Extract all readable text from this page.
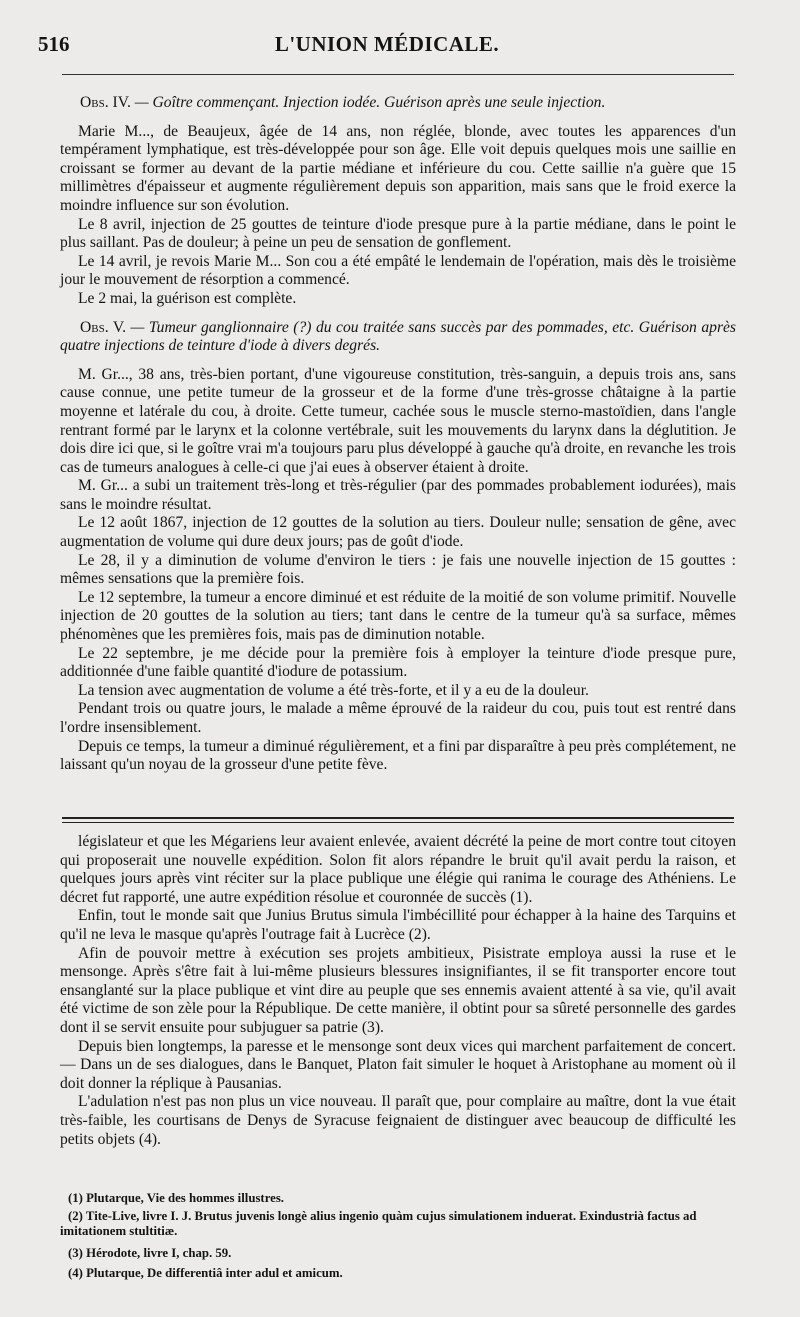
516	L'UNION MÉDICALE.

Obs. IV. — Goître commençant. Injection iodée. Guérison après une seule injection.

Marie M..., de Beaujeux, âgée de 14 ans, non réglée, blonde, avec toutes les apparences d'un tempérament lymphatique, est très-développée pour son âge. Elle voit depuis quelques mois une saillie en croissant se former au devant de la partie médiane et inférieure du cou. Cette saillie n'a guère que 15 millimètres d'épaisseur et augmente régulièrement depuis son apparition, mais sans que le froid exerce la moindre influence sur son évolution.

Le 8 avril, injection de 25 gouttes de teinture d'iode presque pure à la partie médiane, dans le point le plus saillant. Pas de douleur; à peine un peu de sensation de gonflement.

Le 14 avril, je revois Marie M... Son cou a été empâté le lendemain de l'opération, mais dès le troisième jour le mouvement de résorption a commencé.

Le 2 mai, la guérison est complète.

Obs. V. — Tumeur ganglionnaire (?) du cou traitée sans succès par des pommades, etc. Guérison après quatre injections de teinture d'iode à divers degrés.

M. Gr..., 38 ans, très-bien portant, d'une vigoureuse constitution, très-sanguin, a depuis trois ans, sans cause connue, une petite tumeur de la grosseur et de la forme d'une très-grosse châtaigne à la partie moyenne et latérale du cou, à droite. Cette tumeur, cachée sous le muscle sterno-mastoïdien, dans l'angle rentrant formé par le larynx et la colonne vertébrale, suit les mouvements du larynx dans la déglutition. Je dois dire ici que, si le goître vrai m'a toujours paru plus développé à gauche qu'à droite, en revanche les trois cas de tumeurs analogues à celle-ci que j'ai eues à observer étaient à droite.

M. Gr... a subi un traitement très-long et très-régulier (par des pommades probablement iodurées), mais sans le moindre résultat.

Le 12 août 1867, injection de 12 gouttes de la solution au tiers. Douleur nulle; sensation de gêne, avec augmentation de volume qui dure deux jours; pas de goût d'iode.

Le 28, il y a diminution de volume d'environ le tiers : je fais une nouvelle injection de 15 gouttes : mêmes sensations que la première fois.

Le 12 septembre, la tumeur a encore diminué et est réduite de la moitié de son volume primitif. Nouvelle injection de 20 gouttes de la solution au tiers; tant dans le centre de la tumeur qu'à sa surface, mêmes phénomènes que les premières fois, mais pas de diminution notable.

Le 22 septembre, je me décide pour la première fois à employer la teinture d'iode presque pure, additionnée d'une faible quantité d'iodure de potassium.

La tension avec augmentation de volume a été très-forte, et il y a eu de la douleur.

Pendant trois ou quatre jours, le malade a même éprouvé de la raideur du cou, puis tout est rentré dans l'ordre insensiblement.

Depuis ce temps, la tumeur a diminué régulièrement, et a fini par disparaître à peu près complétement, ne laissant qu'un noyau de la grosseur d'une petite fève.

législateur et que les Mégariens leur avaient enlevée, avaient décrété la peine de mort contre tout citoyen qui proposerait une nouvelle expédition. Solon fit alors répandre le bruit qu'il avait perdu la raison, et quelques jours après vint réciter sur la place publique une élégie qui ranima le courage des Athéniens. Le décret fut rapporté, une autre expédition résolue et couronnée de succès (1).

Enfin, tout le monde sait que Junius Brutus simula l'imbécillité pour échapper à la haine des Tarquins et qu'il ne leva le masque qu'après l'outrage fait à Lucrèce (2).

Afin de pouvoir mettre à exécution ses projets ambitieux, Pisistrate employa aussi la ruse et le mensonge. Après s'être fait à lui-même plusieurs blessures insignifiantes, il se fit transporter encore tout ensanglanté sur la place publique et vint dire au peuple que ses ennemis avaient attenté à sa vie, qu'il avait été victime de son zèle pour la République. De cette manière, il obtint pour sa sûreté personnelle des gardes dont il se servit ensuite pour subjuguer sa patrie (3).

Depuis bien longtemps, la paresse et le mensonge sont deux vices qui marchent parfaitement de concert. — Dans un de ses dialogues, dans le Banquet, Platon fait simuler le hoquet à Aristophane au moment où il doit donner la réplique à Pausanias.

L'adulation n'est pas non plus un vice nouveau. Il paraît que, pour complaire au maître, dont la vue était très-faible, les courtisans de Denys de Syracuse feignaient de distinguer avec beaucoup de difficulté les petits objets (4).

(1) Plutarque, Vie des hommes illustres.

(2) Tite-Live, livre I. J. Brutus juvenis longè alius ingenio quàm cujus simulationem induerat. Exindustrià factus ad imitationem stultitiæ.

(3) Hérodote, livre I, chap. 59.

(4) Plutarque, De differentiâ inter adul et amicum.
